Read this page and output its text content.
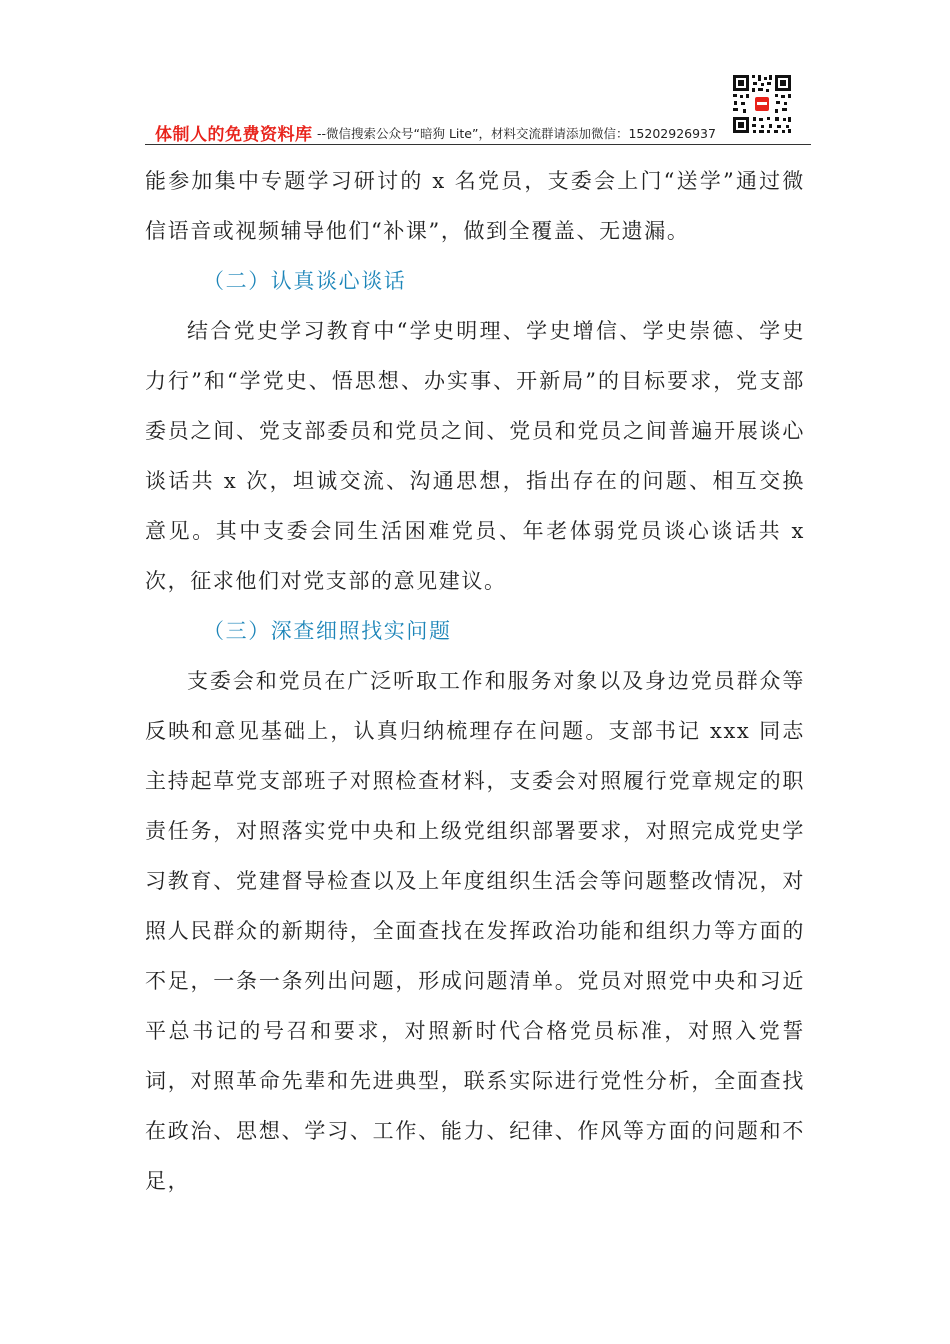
体制人的免费资料库 --微信搜索公众号“暗狗 Lite”，材料交流群请添加微信：15202926937

能参加集中专题学习研讨的 x 名党员，支委会上门“送学”通过微信语音或视频辅导他们“补课”，做到全覆盖、无遗漏。

（二）认真谈心谈话

结合党史学习教育中“学史明理、学史增信、学史崇德、学史力行”和“学党史、悟思想、办实事、开新局”的目标要求，党支部委员之间、党支部委员和党员之间、党员和党员之间普遍开展谈心谈话共 x 次，坦诚交流、沟通思想，指出存在的问题、相互交换意见。其中支委会同生活困难党员、年老体弱党员谈心谈话共 x 次，征求他们对党支部的意见建议。

（三）深查细照找实问题

支委会和党员在广泛听取工作和服务对象以及身边党员群众等反映和意见基础上，认真归纳梳理存在问题。支部书记 xxx 同志主持起草党支部班子对照检查材料，支委会对照履行党章规定的职责任务，对照落实党中央和上级党组织部署要求，对照完成党史学习教育、党建督导检查以及上年度组织生活会等问题整改情况，对照人民群众的新期待，全面查找在发挥政治功能和组织力等方面的不足，一条一条列出问题，形成问题清单。党员对照党中央和习近平总书记的号召和要求，对照新时代合格党员标准，对照入党誓词，对照革命先辈和先进典型，联系实际进行党性分析，全面查找在政治、思想、学习、工作、能力、纪律、作风等方面的问题和不足，
